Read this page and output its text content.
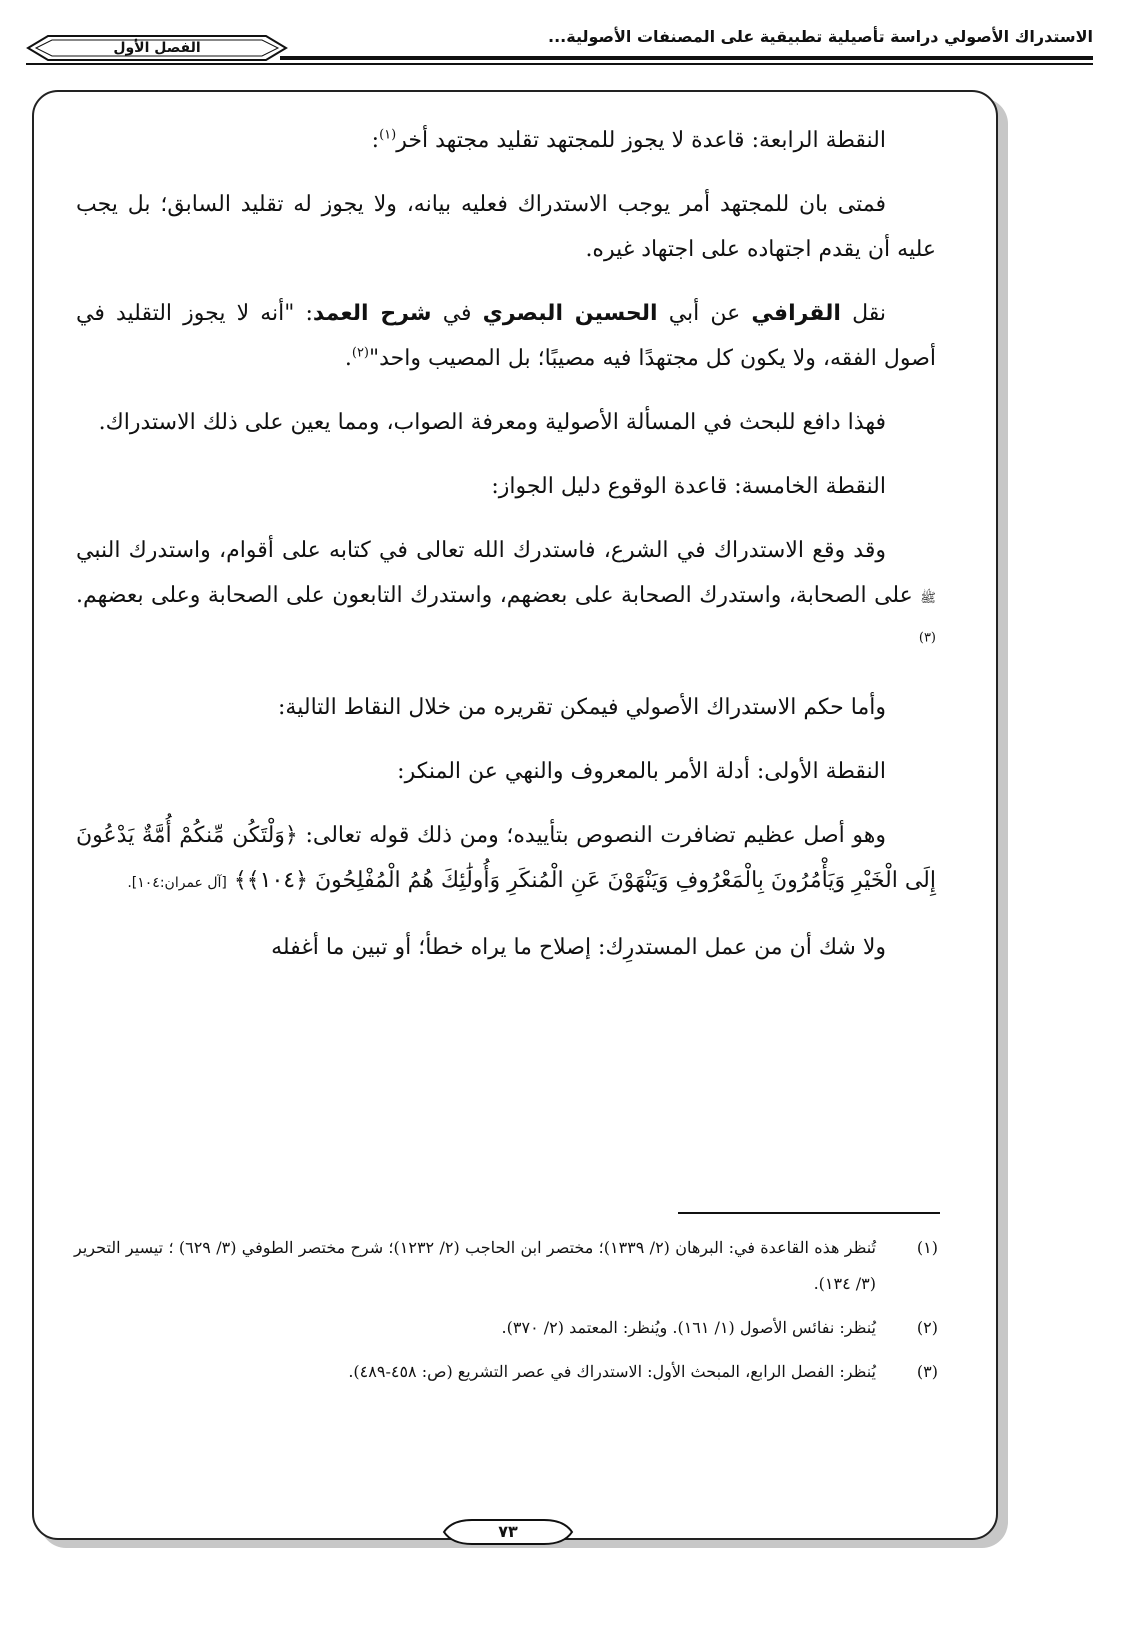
الاستدراك الأصولي دراسة تأصيلية تطبيقية على المصنفات الأصولية...
الفصل الأول

النقطة الرابعة: قاعدة لا يجوز للمجتهد تقليد مجتهد أخر$^{(١)}$:

فمتى بان للمجتهد أمر يوجب الاستدراك فعليه بيانه، ولا يجوز له تقليد السابق؛ بل يجب عليه أن يقدم اجتهاده على اجتهاد غيره.

نقل القرافي عن أبي الحسين البصري في شرح العمد: "أنه لا يجوز التقليد في أصول الفقه، ولا يكون كل مجتهدًا فيه مصيبًا؛ بل المصيب واحد"$^{(٢)}$.

فهذا دافع للبحث في المسألة الأصولية ومعرفة الصواب، ومما يعين على ذلك الاستدراك.

النقطة الخامسة: قاعدة الوقوع دليل الجواز:

وقد وقع الاستدراك في الشرع، فاستدرك الله تعالى في كتابه على أقوام، واستدرك النبي ﷺ على الصحابة، واستدرك الصحابة على بعضهم، واستدرك التابعون على الصحابة وعلى بعضهم. $^{(٣)}$

وأما حكم الاستدراك الأصولي فيمكن تقريره من خلال النقاط التالية:

النقطة الأولى: أدلة الأمر بالمعروف والنهي عن المنكر:

وهو أصل عظيم تضافرت النصوص بتأييده؛ ومن ذلك قوله تعالى: ﴿وَلْتَكُن مِّنكُمْ أُمَّةٌ يَدْعُونَ إِلَى الْخَيْرِ وَيَأْمُرُونَ بِالْمَعْرُوفِ وَيَنْهَوْنَ عَنِ الْمُنكَرِ وَأُولَٰئِكَ هُمُ الْمُفْلِحُونَ ﴿١٠٤﴾﴾ [آل عمران:١٠٤].

ولا شك أن من عمل المستدرِك: إصلاح ما يراه خطأ؛ أو تبين ما أغفله

(١)
تُنظر هذه القاعدة في: البرهان (٢/ ١٣٣٩)؛ مختصر ابن الحاجب (٢/ ١٢٣٢)؛ شرح مختصر الطوفي (٣/ ٦٢٩) ؛ تيسير التحرير (٣/ ١٣٤).
(٢)
يُنظر: نفائس الأصول (١/ ١٦١). ويُنظر: المعتمد (٢/ ٣٧٠).
(٣)
يُنظر: الفصل الرابع، المبحث الأول: الاستدراك في عصر التشريع (ص: ٤٥٨-٤٨٩).
٧٣
